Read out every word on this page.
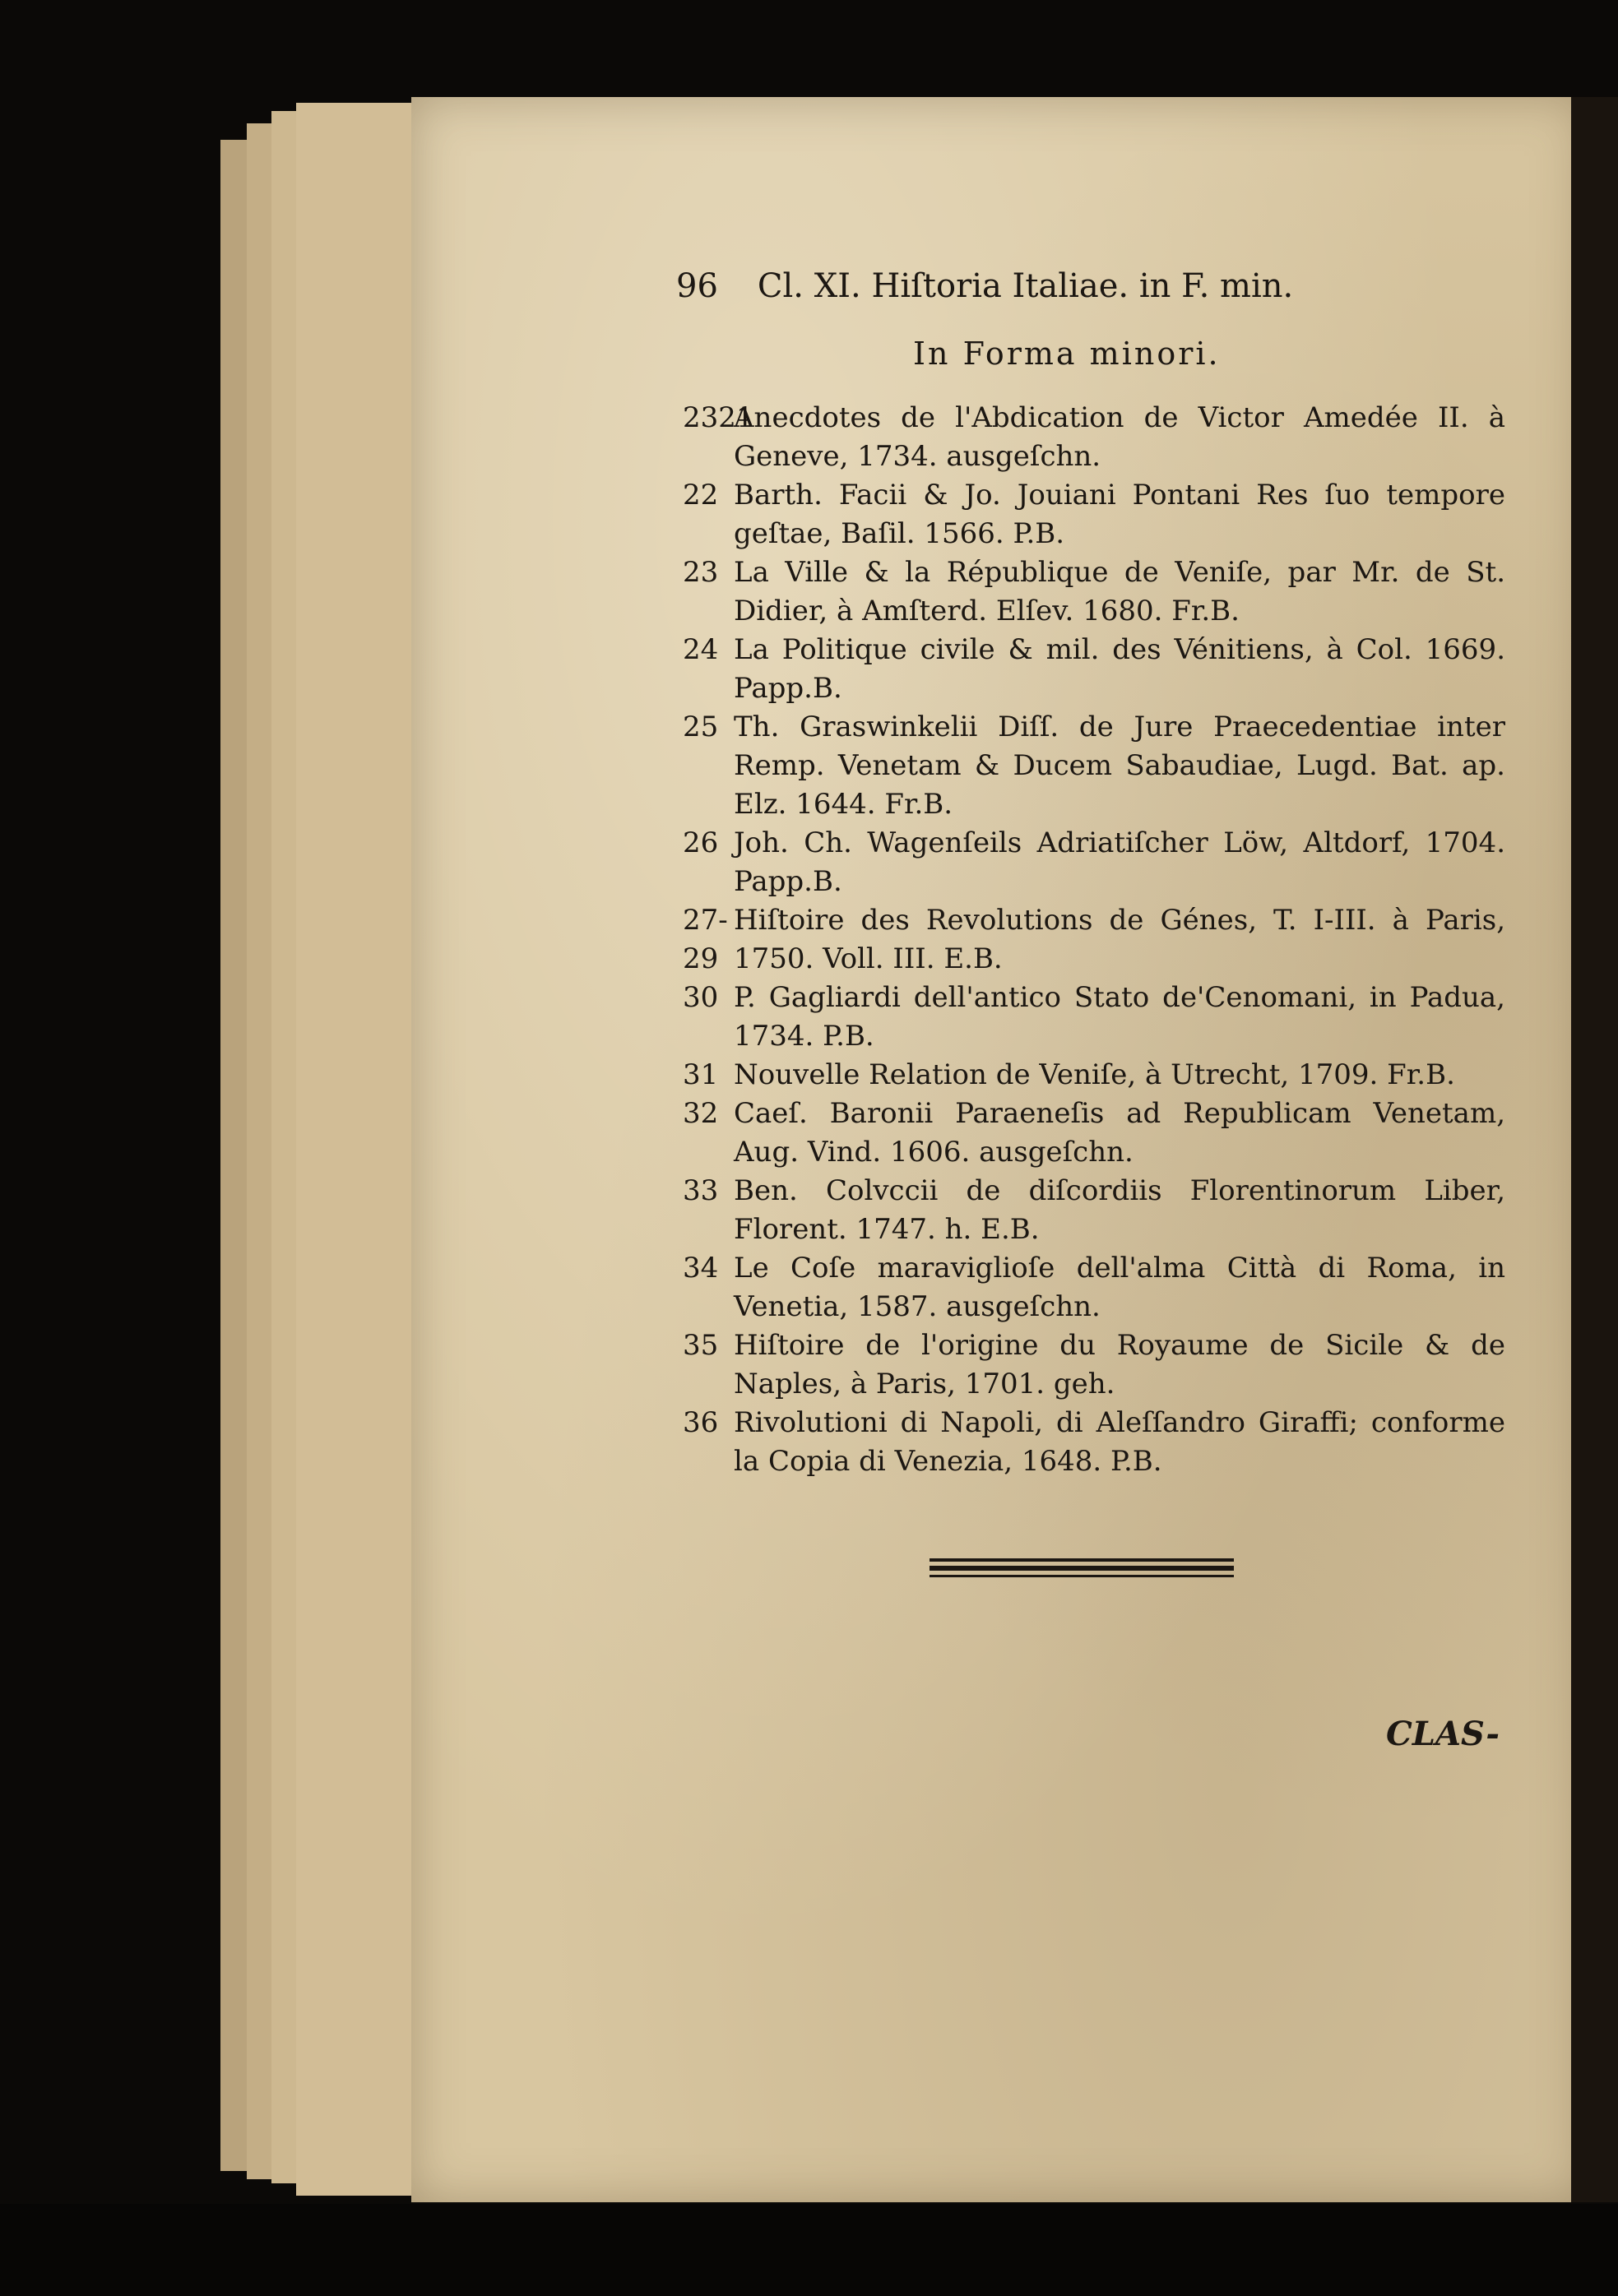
96 Cl. XI. Hiſtoria Italiae. in F. min.
In Forma minori.
2321
Anecdotes de l'Abdication de Victor Amedée II. à Geneve, 1734. ausgeſchn.
22 Barth. Facii & Jo. Jouiani Pontani Res ſuo tempore geſtae, Baſil. 1566. P.B.
23 La Ville & la République de Veniſe, par Mr. de St. Didier, à Amſterd. Elſev. 1680. Fr.B.
24 La Politique civile & mil. des Vénitiens, à Col. 1669. Papp.B.
25 Th. Graswinkelii Diſſ. de Jure Praecedentiae inter Remp. Venetam & Ducem Sabaudiae, Lugd. Bat. ap. Elz. 1644. Fr.B.
26 Joh. Ch. Wagenſeils Adriatiſcher Löw, Altdorf, 1704. Papp.B.
27-29
Hiſtoire des Revolutions de Génes, T. I-III. à Paris, 1750. Voll. III. E.B.
30 P. Gagliardi dell'antico Stato de'Cenomani, in Padua, 1734. P.B.
31 Nouvelle Relation de Veniſe, à Utrecht, 1709. Fr.B.
32 Caeſ. Baronii Paraeneſis ad Republicam Venetam, Aug. Vind. 1606. ausgeſchn.
33 Ben. Colvccii de diſcordiis Florentinorum Liber, Florent. 1747. h. E.B.
34 Le Coſe maraviglioſe dell'alma Città di Roma, in Venetia, 1587. ausgeſchn.
35 Hiſtoire de l'origine du Royaume de Sicile & de Naples, à Paris, 1701. geh.
36 Rivolutioni di Napoli, di Aleſſandro Giraffi; conforme la Copia di Venezia, 1648. P.B.
CLAS-
